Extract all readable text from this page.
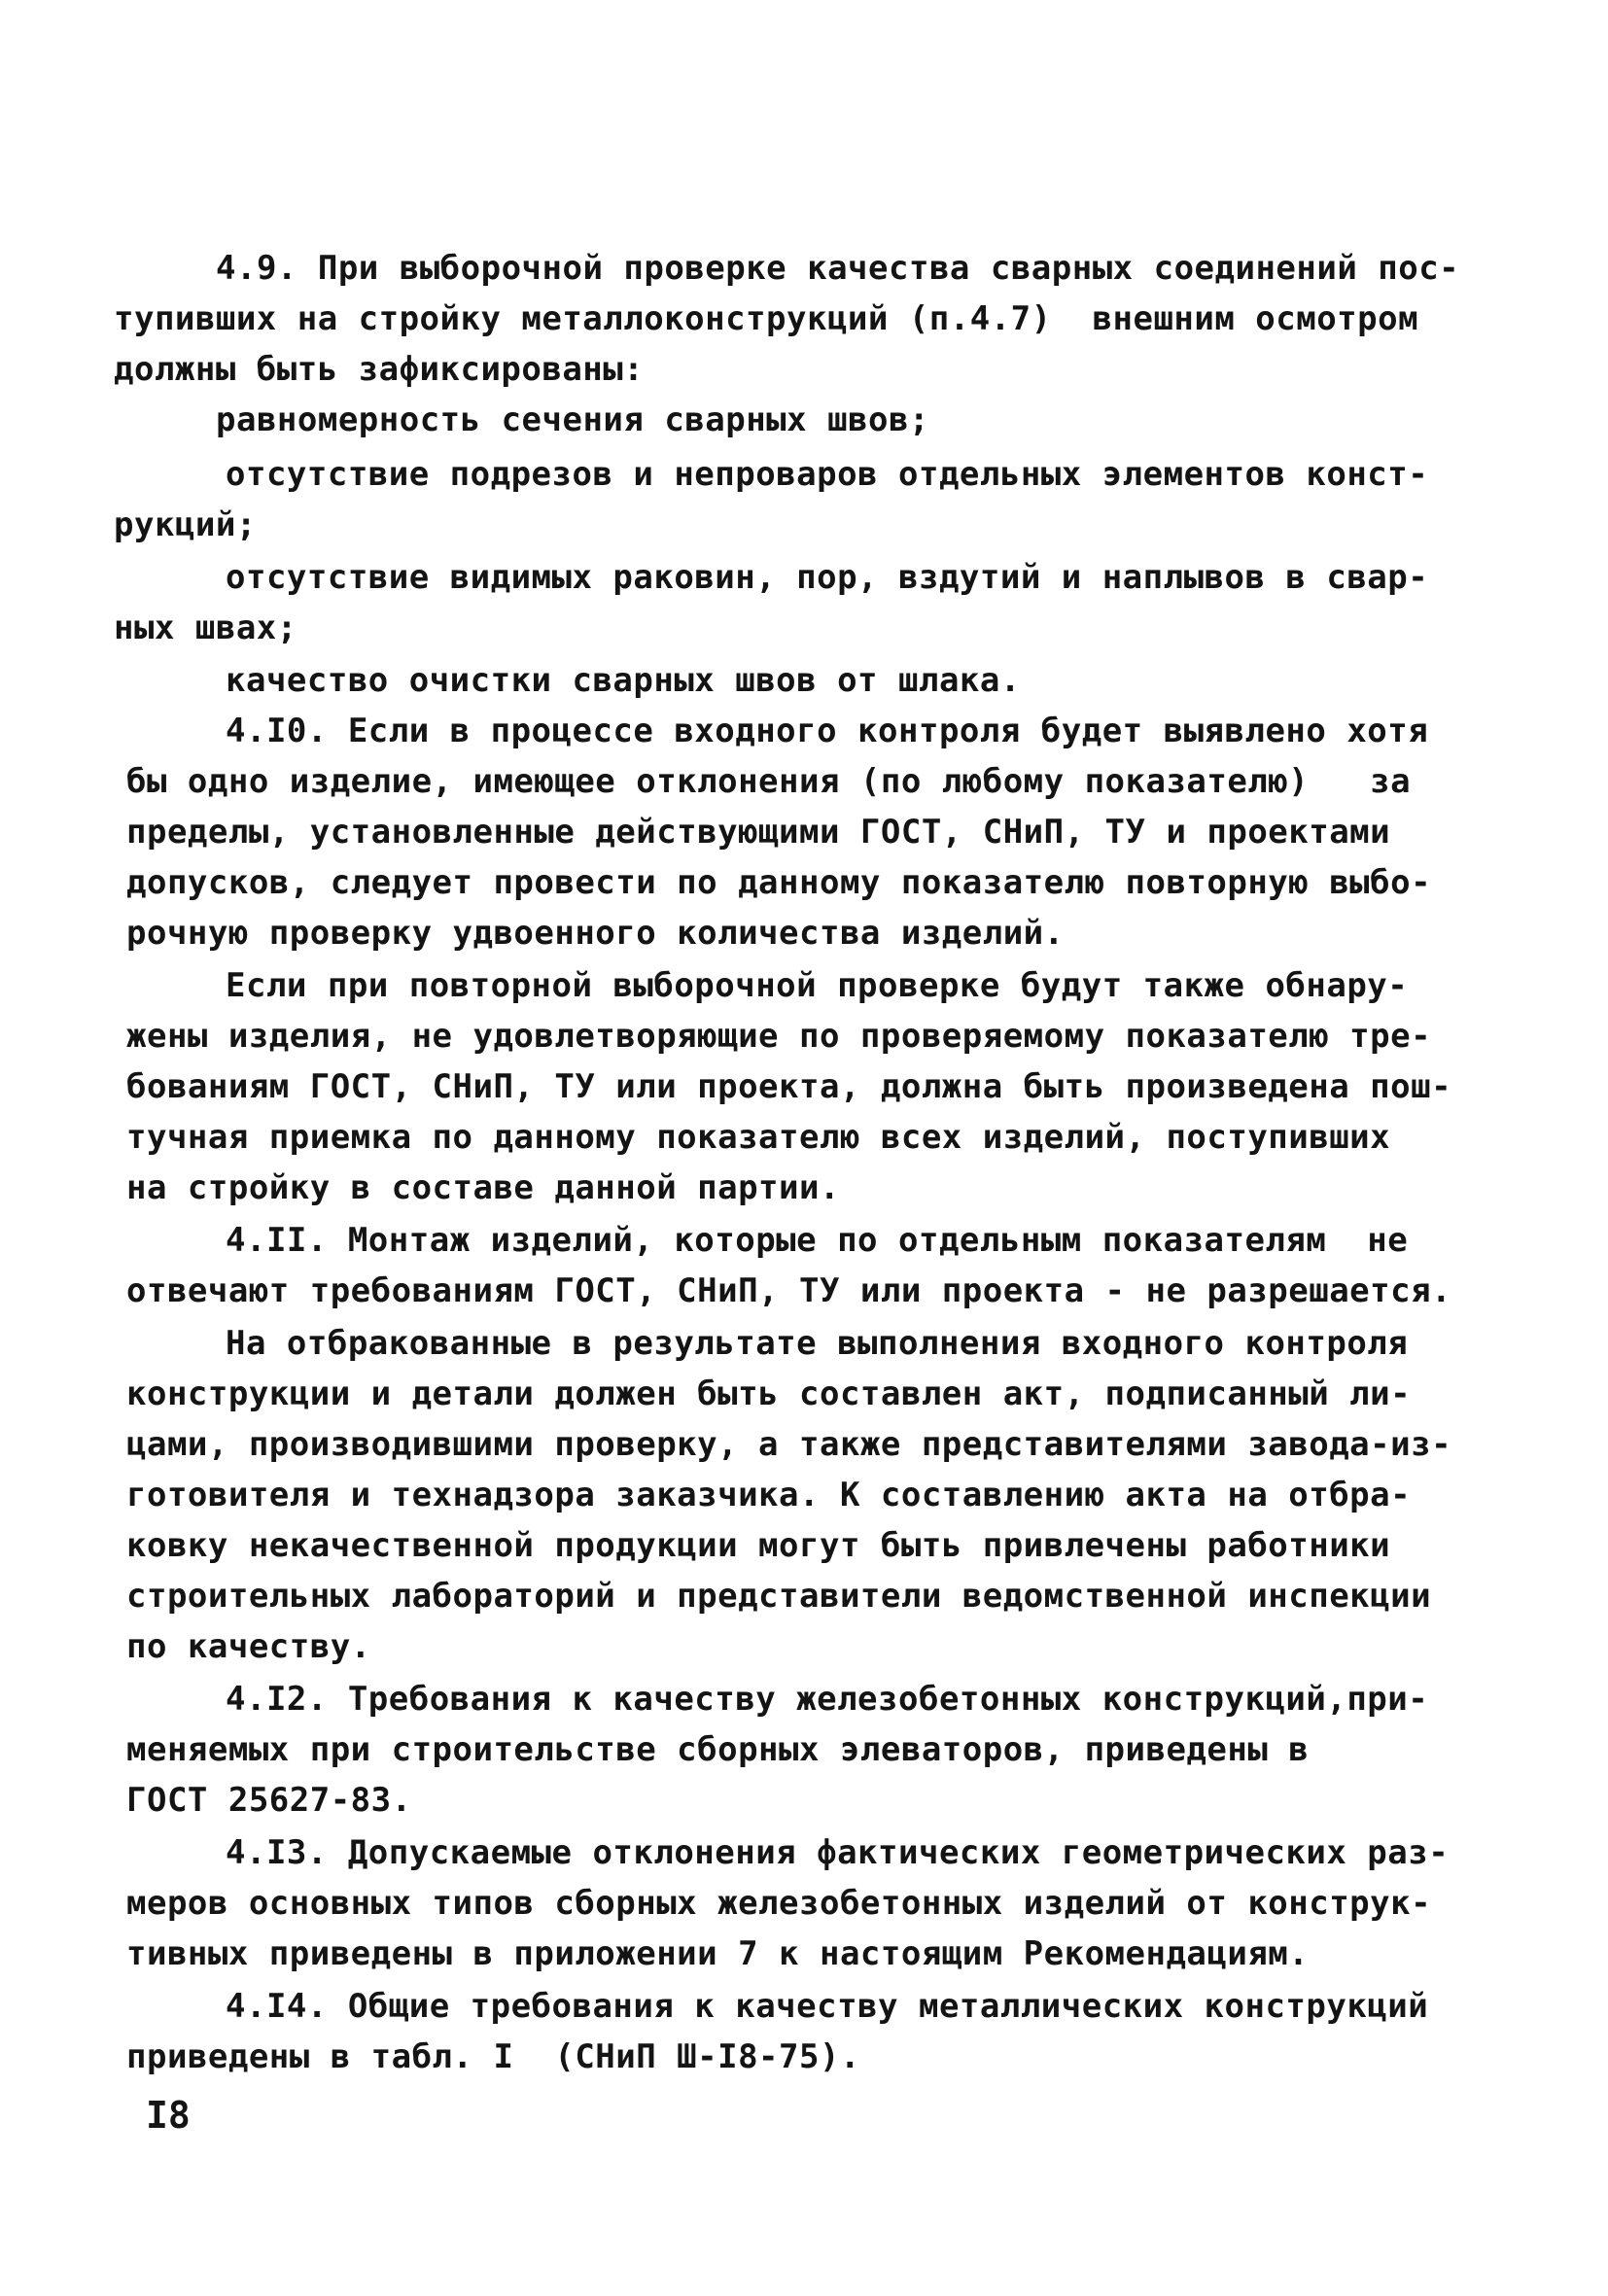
4.9. При выборочной проверке качества сварных соединений пос-
тупивших на стройку металлоконструкций (п.4.7)  внешним осмотром
должны быть зафиксированы:
равномерность сечения сварных швов;
отсутствие подрезов и непроваров отдельных элементов конст-
рукций;
отсутствие видимых раковин, пор, вздутий и наплывов в свар-
ных швах;
качество очистки сварных швов от шлака.
4.I0. Если в процессе входного контроля будет выявлено хотя
бы одно изделие, имеющее отклонения (по любому показателю)   за
пределы, установленные действующими ГОСТ, СНиП, ТУ и проектами
допусков, следует провести по данному показателю повторную выбо-
рочную проверку удвоенного количества изделий.
Если при повторной выборочной проверке будут также обнару-
жены изделия, не удовлетворяющие по проверяемому показателю тре-
бованиям ГОСТ, СНиП, ТУ или проекта, должна быть произведена пош-
тучная приемка по данному показателю всех изделий, поступивших
на стройку в составе данной партии.
4.II. Монтаж изделий, которые по отдельным показателям  не
отвечают требованиям ГОСТ, СНиП, ТУ или проекта - не разрешается.
На отбракованные в результате выполнения входного контроля
конструкции и детали должен быть составлен акт, подписанный ли-
цами, производившими проверку, а также представителями завода-из-
готовителя и технадзора заказчика. К составлению акта на отбра-
ковку некачественной продукции могут быть привлечены работники
строительных лабораторий и представители ведомственной инспекции
по качеству.
4.I2. Требования к качеству железобетонных конструкций,при-
меняемых при строительстве сборных элеваторов, приведены в
ГОСТ 25627-83.
4.I3. Допускаемые отклонения фактических геометрических раз-
меров основных типов сборных железобетонных изделий от конструк-
тивных приведены в приложении 7 к настоящим Рекомендациям.
4.I4. Общие требования к качеству металлических конструкций
приведены в табл. I  (СНиП Ш-I8-75).
I8
